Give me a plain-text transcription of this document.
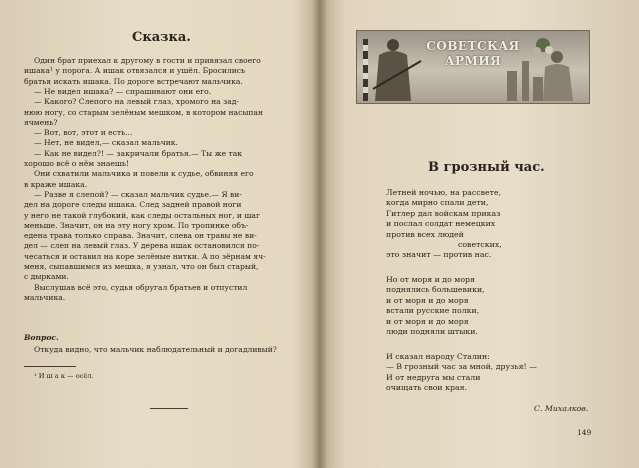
Сказка.
Один брат приехал к другому в гости и привязал своего
ишака¹ у порога. А ишак отвязался и ушёл. Бросились
братья искать ишака. По дороге встречают мальчика.
— Не видел ишака? — спрашивают они его.
— Какого? Слепого на левый глаз, хромого на зад-
нюю ногу, со старым зелёным мешком, в котором насыпан
ячмень?
— Вот, вот, этот и есть...
— Нет, не видел,— сказал мальчик.
— Как не видел?! — закричали братья.— Ты же так
хорошо всё о нём знаешь!
Они схватили мальчика и повели к судье, обвиняя его
в краже ишака.
— Разве я слепой? — сказал мальчик судье.— Я ви-
дел на дороге следы ишака. След задней правой ноги
у него не такой глубокий, как следы остальных ног, и шаг
меньше. Значит, он на эту ногу хром. По тропинке объ-
едена трава только справа. Значит, слева он травы не ви-
дел — слеп на левый глаз. У дерева ишак остановился по-
чесаться и оставил на коре зелёные нитки. А по зёрнам яч-
меня, сыпавшимся из мешка, я узнал, что он был старый,
с дырками.
Выслушав всё это, судья обругал братьев и отпустил
мальчика.
Вопрос.
Откуда видно, что мальчик наблюдательный и догадливый?
¹ И ш а к — осёл.
СОВЕТСКАЯ
АРМИЯ
В грозный час.
Летней ночью, на рассвете,
когда мирно спали дети,
Гитлер дал войскам приказ
и послал солдат немецких
против всех людей
советских,
это значит — против нас.
Но от моря и до моря
поднялись большевики,
и от моря и до моря
встали русские полки,
и от моря и до моря
люди подняли штыки.
И сказал народу Сталин:
— В грозный час за мной, друзья! —
И от недруга мы стали
очищать свои края.
С. Михалков.
149
